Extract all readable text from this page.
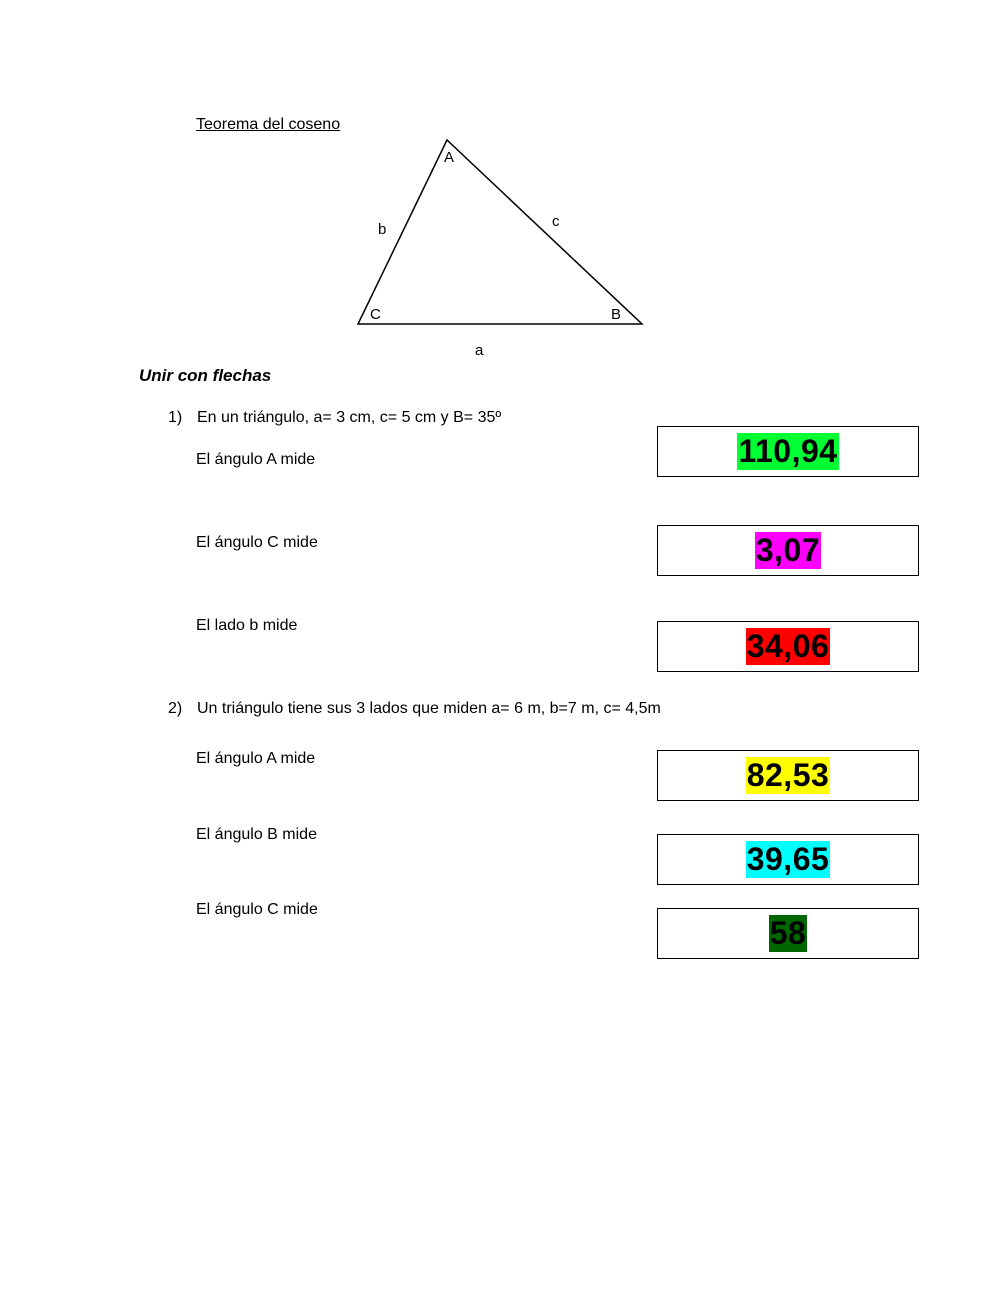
Teorema del coseno
A
C	B
b	c
a
Unir con flechas
1) En un triángulo, a= 3 cm, c= 5 cm y B= 35º
El ángulo A mide
El ángulo C mide
El lado b mide
2) Un triángulo tiene sus 3 lados que miden a= 6 m, b=7 m, c= 4,5m
El ángulo A mide
El ángulo B mide
El ángulo C mide
110,94
3,07
34,06
82,53
39,65
58
